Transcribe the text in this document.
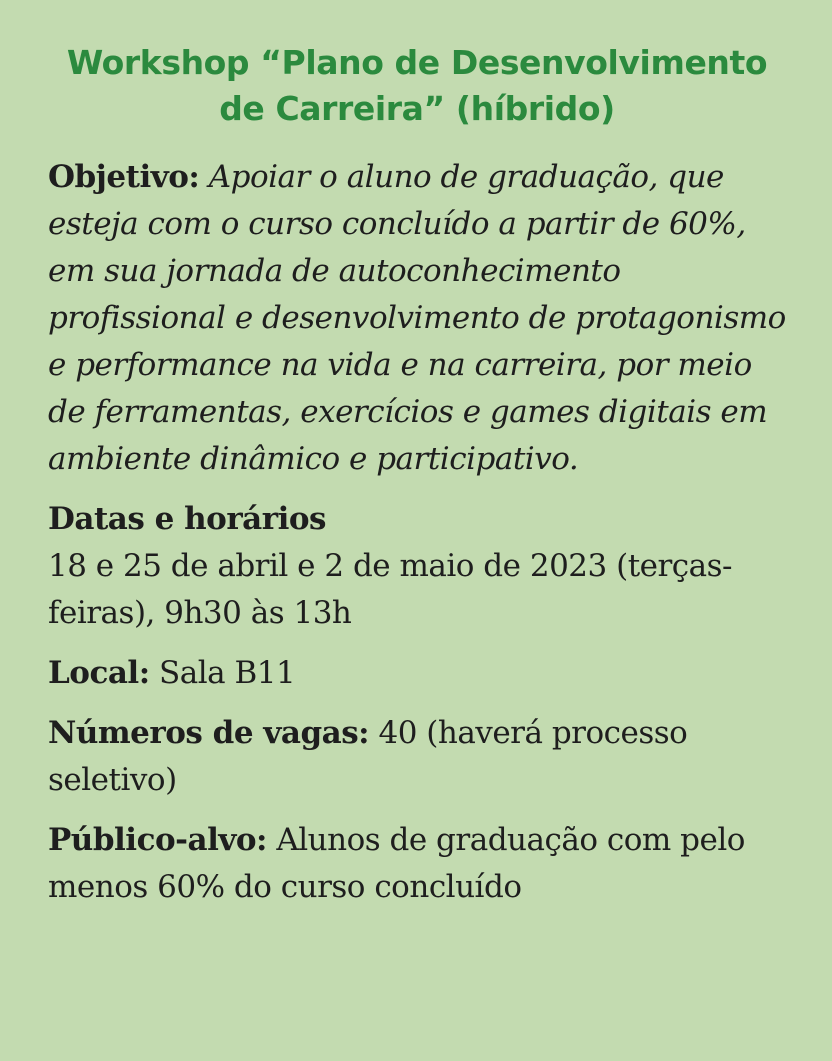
Workshop “Plano de Desenvolvimento de Carreira” (híbrido)

Objetivo: Apoiar o aluno de graduação, que esteja com o curso concluído a partir de 60%, em sua jornada de autoconhecimento profissional e desenvolvimento de protagonismo e performance na vida e na carreira, por meio de ferramentas, exercícios e games digitais em ambiente dinâmico e participativo.

Datas e horários
18 e 25 de abril e 2 de maio de 2023 (terças-feiras), 9h30 às 13h

Local: Sala B11

Números de vagas: 40 (haverá processo seletivo)

Público-alvo: Alunos de graduação com pelo menos 60% do curso concluído
